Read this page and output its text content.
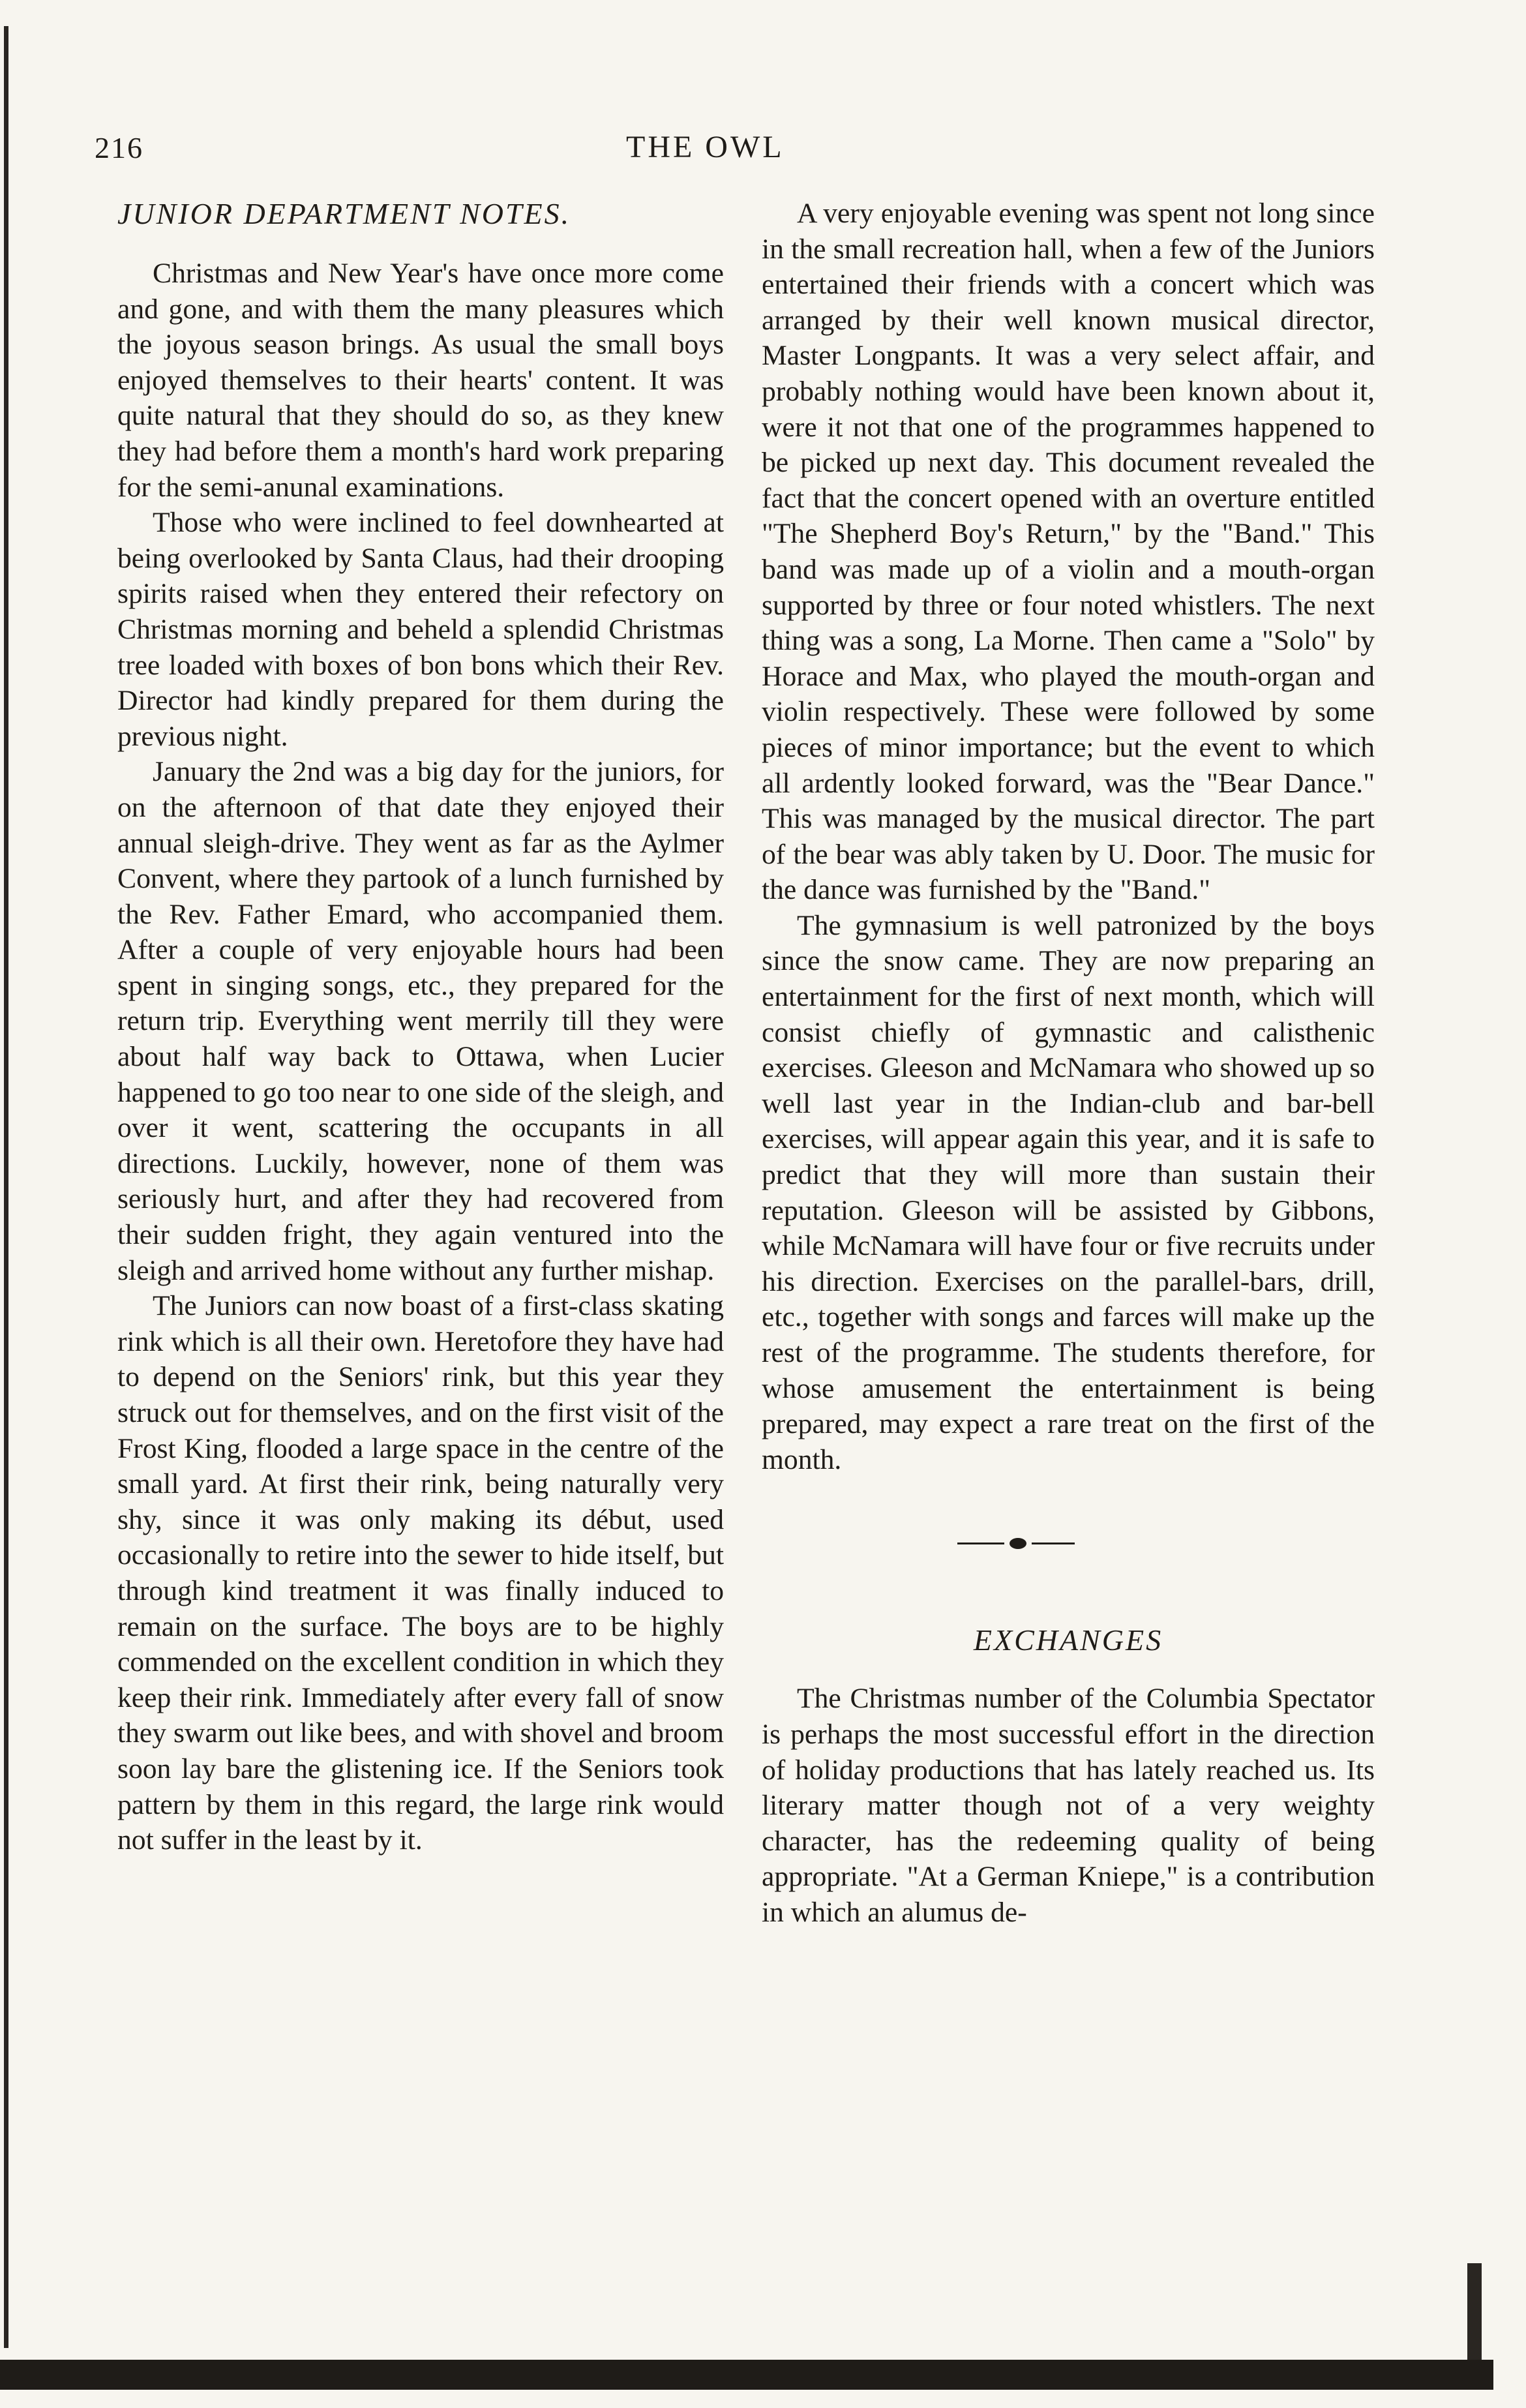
216	THE OWL
JUNIOR DEPARTMENT NOTES.

Christmas and New Year's have once more come and gone, and with them the many pleasures which the joyous season brings. As usual the small boys enjoyed themselves to their hearts' content. It was quite natural that they should do so, as they knew they had before them a month's hard work preparing for the semi-anunal examinations.

Those who were inclined to feel downhearted at being overlooked by Santa Claus, had their drooping spirits raised when they entered their refectory on Christmas morning and beheld a splendid Christmas tree loaded with boxes of bon bons which their Rev. Director had kindly prepared for them during the previous night.

January the 2nd was a big day for the juniors, for on the afternoon of that date they enjoyed their annual sleigh-drive. They went as far as the Aylmer Convent, where they partook of a lunch furnished by the Rev. Father Emard, who accompanied them. After a couple of very enjoyable hours had been spent in singing songs, etc., they prepared for the return trip. Everything went merrily till they were about half way back to Ottawa, when Lucier happened to go too near to one side of the sleigh, and over it went, scattering the occupants in all directions. Luckily, however, none of them was seriously hurt, and after they had recovered from their sudden fright, they again ventured into the sleigh and arrived home without any further mishap.

The Juniors can now boast of a first-class skating rink which is all their own. Heretofore they have had to depend on the Seniors' rink, but this year they struck out for themselves, and on the first visit of the Frost King, flooded a large space in the centre of the small yard. At first their rink, being naturally very shy, since it was only making its début, used occasionally to retire into the sewer to hide itself, but through kind treatment it was finally induced to remain on the surface. The boys are to be highly commended on the excellent condition in which they keep their rink. Immediately after every fall of snow they swarm out like bees, and with shovel and broom soon lay bare the glistening ice. If the Seniors took pattern by them in this regard, the large rink would not suffer in the least by it.

A very enjoyable evening was spent not long since in the small recreation hall, when a few of the Juniors entertained their friends with a concert which was arranged by their well known musical director, Master Longpants. It was a very select affair, and probably nothing would have been known about it, were it not that one of the programmes happened to be picked up next day. This document revealed the fact that the concert opened with an overture entitled "The Shepherd Boy's Return," by the "Band." This band was made up of a violin and a mouth-organ supported by three or four noted whistlers. The next thing was a song, La Morne. Then came a "Solo" by Horace and Max, who played the mouth-organ and violin respectively. These were followed by some pieces of minor importance; but the event to which all ardently looked forward, was the "Bear Dance." This was managed by the musical director. The part of the bear was ably taken by U. Door. The music for the dance was furnished by the "Band."

The gymnasium is well patronized by the boys since the snow came. They are now preparing an entertainment for the first of next month, which will consist chiefly of gymnastic and calisthenic exercises. Gleeson and McNamara who showed up so well last year in the Indian-club and bar-bell exercises, will appear again this year, and it is safe to predict that they will more than sustain their reputation. Gleeson will be assisted by Gibbons, while McNamara will have four or five recruits under his direction. Exercises on the parallel-bars, drill, etc., together with songs and farces will make up the rest of the programme. The students therefore, for whose amusement the entertainment is being prepared, may expect a rare treat on the first of the month.

EXCHANGES

The Christmas number of the Columbia Spectator is perhaps the most successful effort in the direction of holiday productions that has lately reached us. Its literary matter though not of a very weighty character, has the redeeming quality of being appropriate. "At a German Kniepe," is a contribution in which an alumus de-
